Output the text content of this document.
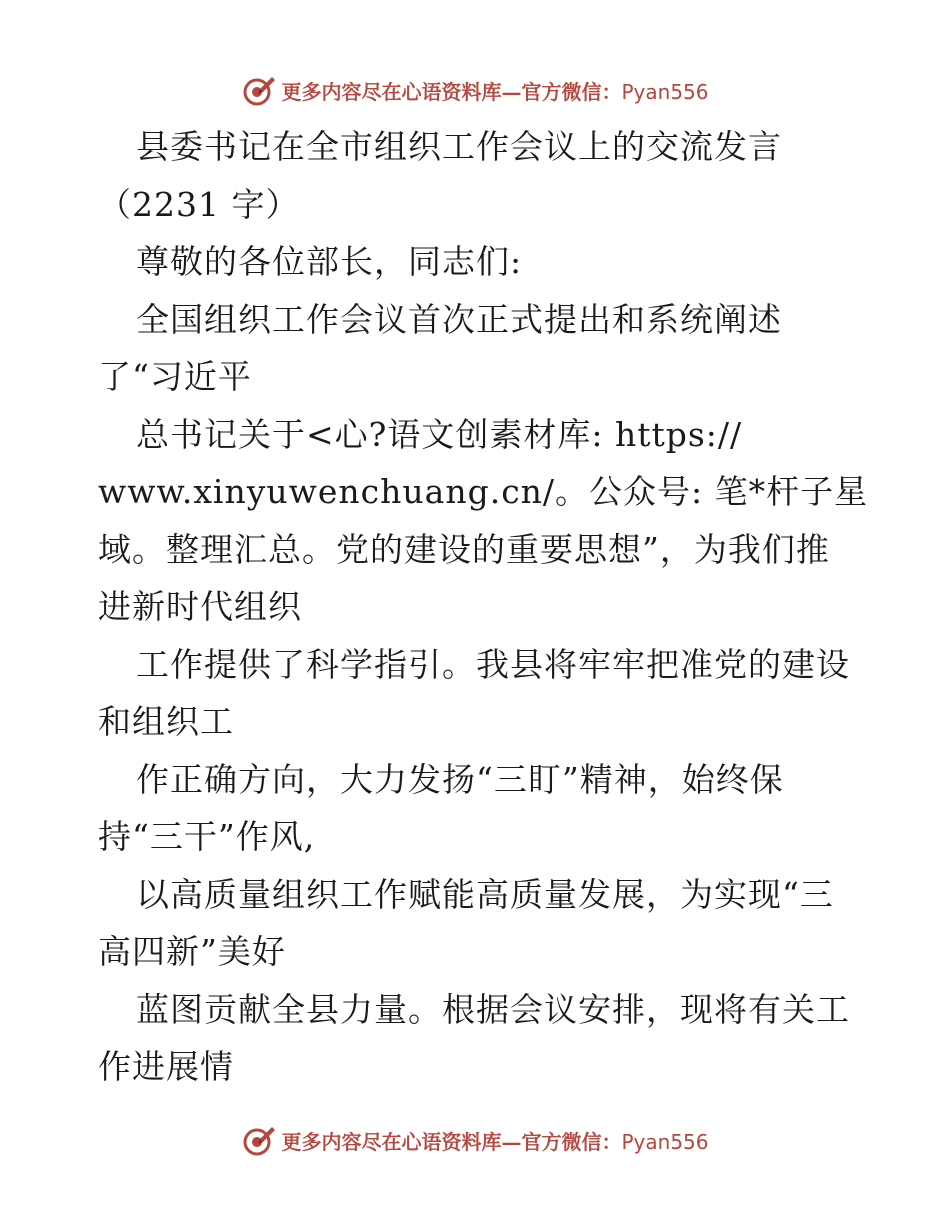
更多内容尽在心语资料库—官方微信：Pyan556
县委书记在全市组织工作会议上的交流发言
（2231 字）
尊敬的各位部长，同志们:
全国组织工作会议首次正式提出和系统阐述
了“习近平
总书记关于<心?语文创素材库: https://
www.xinyuwenchuang.cn/。公众号: 笔*杆子星
域。整理汇总。党的建设的重要思想”，为我们推
进新时代组织
工作提供了科学指引。我县将牢牢把准党的建设
和组织工
作正确方向，大力发扬“三盯”精神，始终保
持“三干”作风,
以高质量组织工作赋能高质量发展，为实现“三
高四新”美好
蓝图贡献全县力量。根据会议安排，现将有关工
作进展情
更多内容尽在心语资料库—官方微信：Pyan556
